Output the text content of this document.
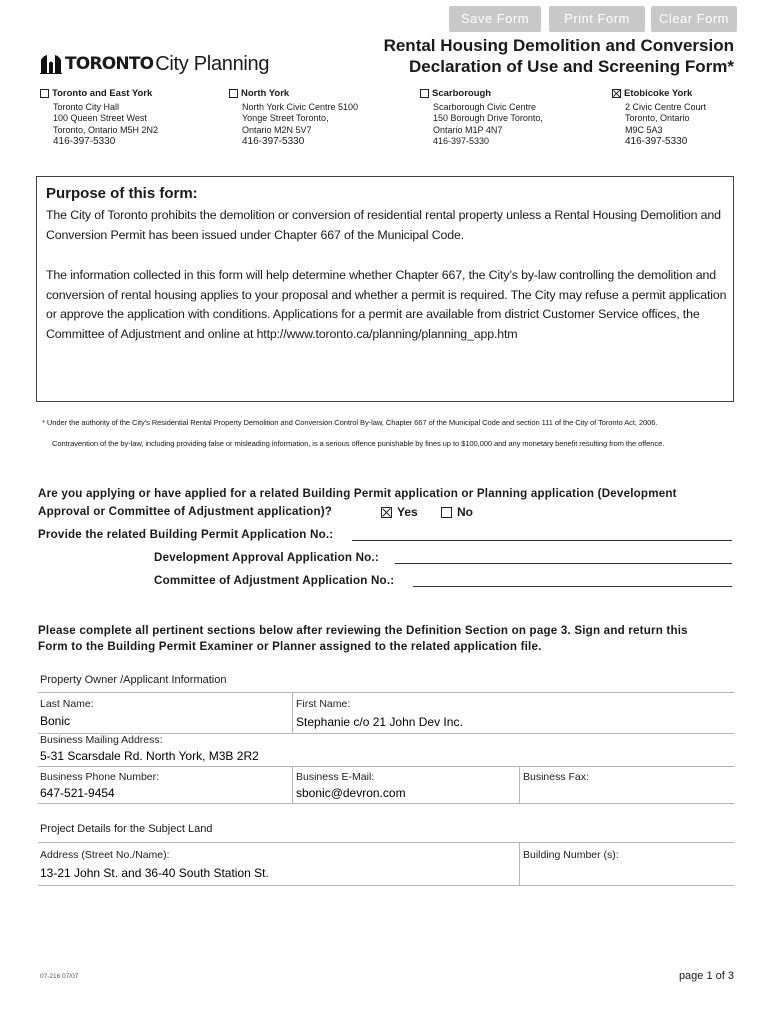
Save Form	Print Form	Clear Form
TORONTO City Planning
Rental Housing Demolition and Conversion
Declaration of Use and Screening Form*
Toronto and East York
Toronto City Hall
100 Queen Street West
Toronto, Ontario M5H 2N2
416-397-5330
North York
North York Civic Centre 5100
Yonge Street Toronto,
Ontario M2N 5V7
416-397-5330
Scarborough
Scarborough Civic Centre
150 Borough Drive Toronto,
Ontario M1P 4N7
416-397-5330
Etobicoke York
2 Civic Centre Court
Toronto, Ontario
M9C 5A3
416-397-5330
Purpose of this form:

The City of Toronto prohibits the demolition or conversion of residential rental property unless a Rental Housing Demolition and Conversion Permit has been issued under Chapter 667 of the Municipal Code.

The information collected in this form will help determine whether Chapter 667, the City’s by-law controlling the demolition and conversion of rental housing applies to your proposal and whether a permit is required. The City may refuse a permit application or approve the application with conditions. Applications for a permit are available from district Customer Service offices, the Committee of Adjustment and online at http://www.toronto.ca/planning/planning_app.htm

* Under the authority of the City’s Residential Rental Property Demolition and Conversion Control By-law, Chapter 667 of the Municipal Code and section 111 of the City of Toronto Act, 2006.
Contravention of the by-law, including providing false or misleading information, is a serious offence punishable by fines up to $100,000 and any monetary benefit resulting from the offence.
Are you applying or have applied for a related Building Permit application or Planning application (Development
Approval or Committee of Adjustment application)?	Yes	No
Provide the related Building Permit Application No.:
Development Approval Application No.:
Committee of Adjustment Application No.:
Please complete all pertinent sections below after reviewing the Definition Section on page 3. Sign and return this
Form to the Building Permit Examiner or Planner assigned to the related application file.
Property Owner /Applicant Information
Last Name:
Bonic
First Name:
Stephanie c/o 21 John Dev Inc.
Business Mailing Address:
5-31 Scarsdale Rd. North York, M3B 2R2
Business Phone Number:
647-521-9454
Business E-Mail:
sbonic@devron.com
Business Fax:
Project Details for the Subject Land
Address (Street No./Name):
13-21 John St. and 36-40 South Station St.
Building Number (s):
07-216 07/07	page 1 of 3
